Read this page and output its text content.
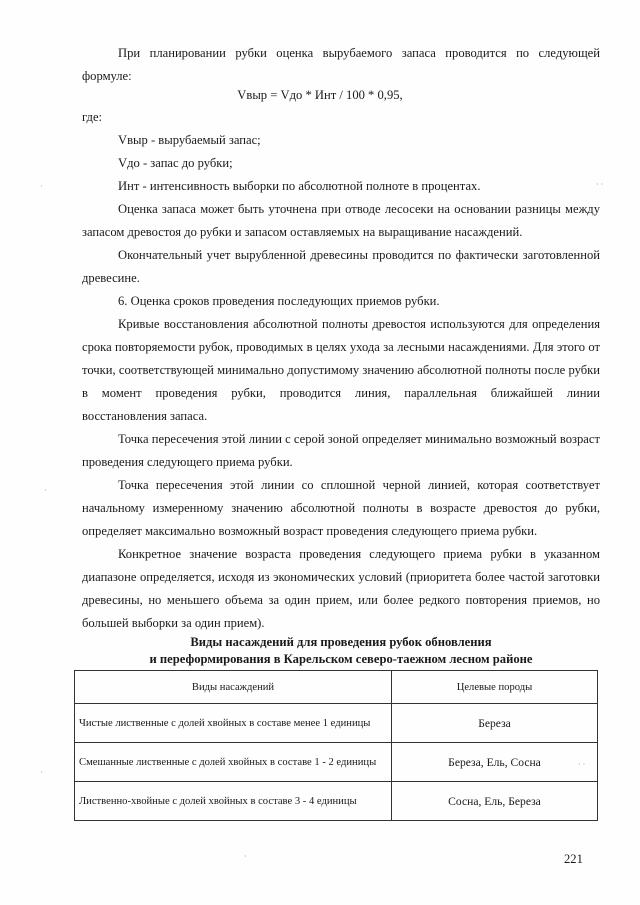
При планировании рубки оценка вырубаемого запаса проводится по следующей формуле:

Vвыр = Vдо * Инт / 100 * 0,95,

где:

Vвыр - вырубаемый запас;

Vдо - запас до рубки;

Инт - интенсивность выборки по абсолютной полноте в процентах.

Оценка запаса может быть уточнена при отводе лесосеки на основании разницы между запасом древостоя до рубки и запасом оставляемых на выращивание насаждений.

Окончательный учет вырубленной древесины проводится по фактически заготовленной древесине.

6. Оценка сроков проведения последующих приемов рубки.

Кривые восстановления абсолютной полноты древостоя используются для определения срока повторяемости рубок, проводимых в целях ухода за лесными насаждениями. Для этого от точки, соответствующей минимально допустимому значению абсолютной полноты после рубки в момент проведения рубки, проводится линия, параллельная ближайшей линии восстановления запаса.

Точка пересечения этой линии с серой зоной определяет минимально возможный возраст проведения следующего приема рубки.

Точка пересечения этой линии со сплошной черной линией, которая соответствует начальному измеренному значению абсолютной полноты в возрасте древостоя до рубки, определяет максимально возможный возраст проведения следующего приема рубки.

Конкретное значение возраста проведения следующего приема рубки в указанном диапазоне определяется, исходя из экономических условий (приоритета более частой заготовки древесины, но меньшего объема за один прием, или более редкого повторения приемов, но большей выборки за один прием).

Виды насаждений для проведения рубок обновления
и переформирования в Карельском северо-таежном лесном районе
Виды насаждений	Целевые породы
Чистые лиственные с долей хвойных в составе менее 1 единицы	Береза
Смешанные лиственные с долей хвойных в составе 1 - 2 единицы	Береза, Ель, Сосна
Лиственно-хвойные с долей хвойных в составе 3 - 4 единицы	Сосна, Ель, Береза
221
·	· ·
·
·
· ·
·
